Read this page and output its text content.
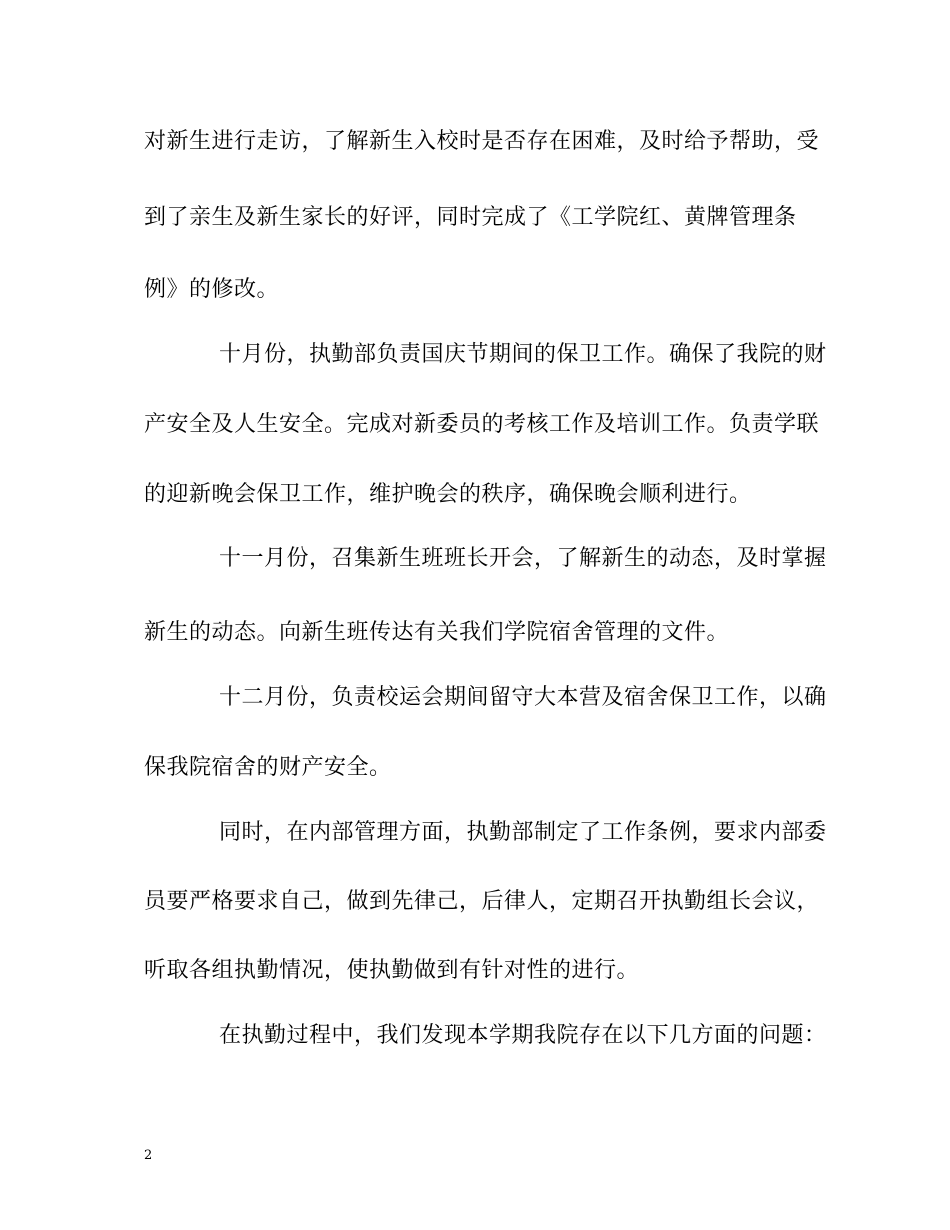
对新生进行走访，了解新生入校时是否存在困难，及时给予帮助，受
到了亲生及新生家长的好评，同时完成了《工学院红、黄牌管理条
例》的修改。
十月份，执勤部负责国庆节期间的保卫工作。确保了我院的财
产安全及人生安全。完成对新委员的考核工作及培训工作。负责学联
的迎新晚会保卫工作，维护晚会的秩序，确保晚会顺利进行。
十一月份，召集新生班班长开会，了解新生的动态，及时掌握
新生的动态。向新生班传达有关我们学院宿舍管理的文件。
十二月份，负责校运会期间留守大本营及宿舍保卫工作，以确
保我院宿舍的财产安全。
同时，在内部管理方面，执勤部制定了工作条例，要求内部委
员要严格要求自己，做到先律己，后律人，定期召开执勤组长会议，
听取各组执勤情况，使执勤做到有针对性的进行。
在执勤过程中，我们发现本学期我院存在以下几方面的问题：
2
